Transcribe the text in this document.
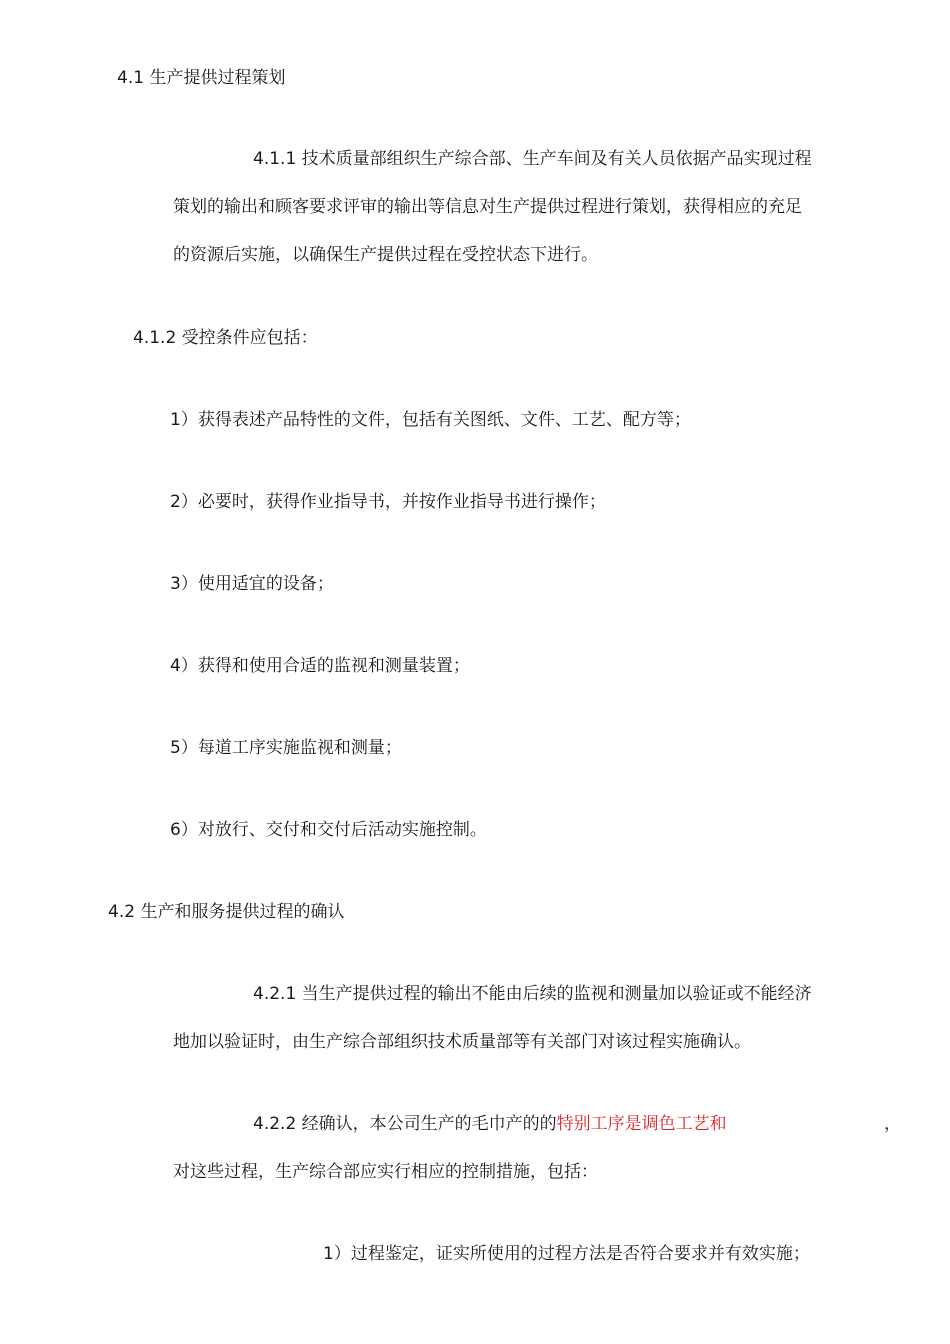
4.1 生产提供过程策划

4.1.1 技术质量部组织生产综合部、生产车间及有关人员依据产品实现过程

策划的输出和顾客要求评审的输出等信息对生产提供过程进行策划，获得相应的充足

的资源后实施，以确保生产提供过程在受控状态下进行。

4.1.2 受控条件应包括：

1）获得表述产品特性的文件，包括有关图纸、文件、工艺、配方等；

2）必要时，获得作业指导书，并按作业指导书进行操作；

3）使用适宜的设备；

4）获得和使用合适的监视和测量装置；

5）每道工序实施监视和测量；

6）对放行、交付和交付后活动实施控制。

4.2 生产和服务提供过程的确认

4.2.1 当生产提供过程的输出不能由后续的监视和测量加以验证或不能经济

地加以验证时，由生产综合部组织技术质量部等有关部门对该过程实施确认。

4.2.2 经确认，本公司生产的毛巾产的的特别工序是调色工艺和	，

对这些过程，生产综合部应实行相应的控制措施，包括：

1）过程鉴定，证实所使用的过程方法是否符合要求并有效实施；
